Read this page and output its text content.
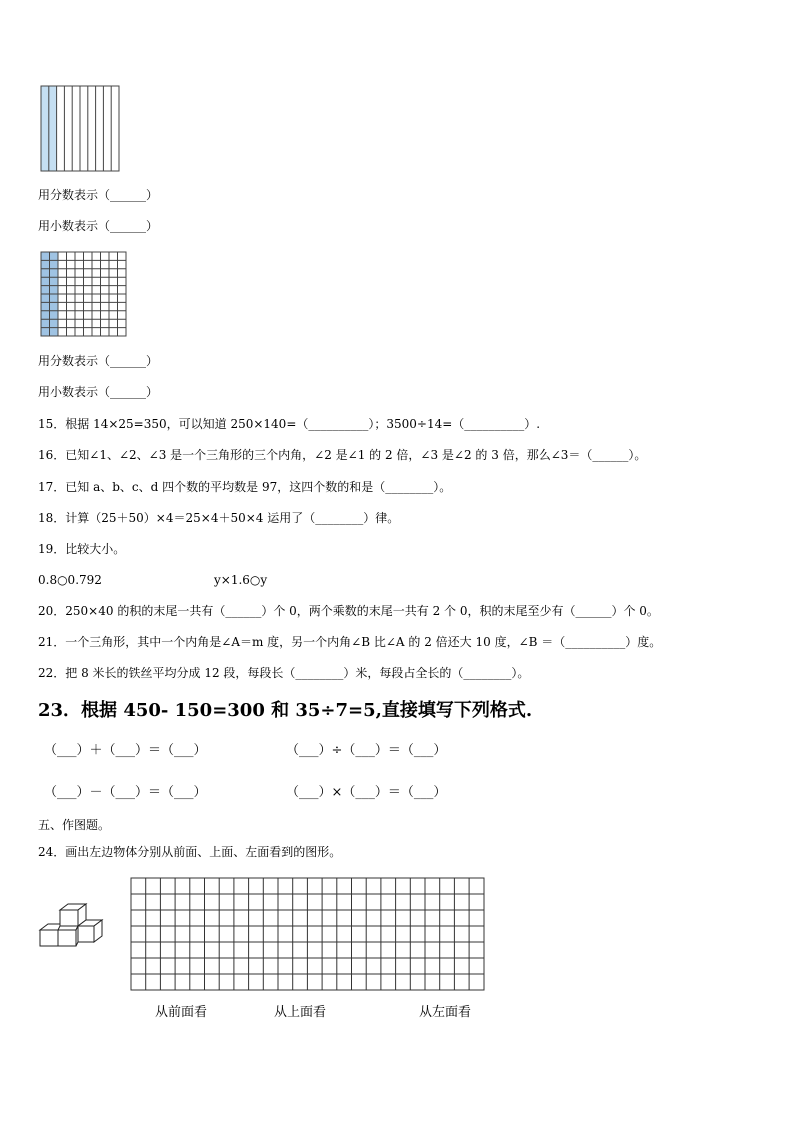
用分数表示（______）
用小数表示（______）
用分数表示（______）
用小数表示（______）
15．根据 14×25=350，可以知道 250×140=（__________）；3500÷14=（__________）.
16．已知∠1、∠2、∠3 是一个三角形的三个内角，∠2 是∠1 的 2 倍，∠3 是∠2 的 3 倍，那么∠3＝（______）。
17．已知 a、b、c、d 四个数的平均数是 97，这四个数的和是（________）。
18．计算（25＋50）×4＝25×4＋50×4 运用了（________）律。
19．比较大小。
0.8○0.792	y×1.6○y
20．250×40 的积的末尾一共有（______）个 0，两个乘数的末尾一共有 2 个 0，积的末尾至少有（______）个 0。
21．一个三角形，其中一个内角是∠A＝m 度，另一个内角∠B 比∠A 的 2 倍还大 10 度，∠B ＝（__________）度。
22．把 8 米长的铁丝平均分成 12 段，每段长（________）米，每段占全长的（________）。
23．根据 450- 150=300 和 35÷7=5,直接填写下列格式.
（___）＋（___）＝（___）	（___）÷（___）＝（___）
（___）－（___）＝（___）	（___）×（___）＝（___）
五、作图题。
24．画出左边物体分别从前面、上面、左面看到的图形。
从前面看	从上面看	从左面看
